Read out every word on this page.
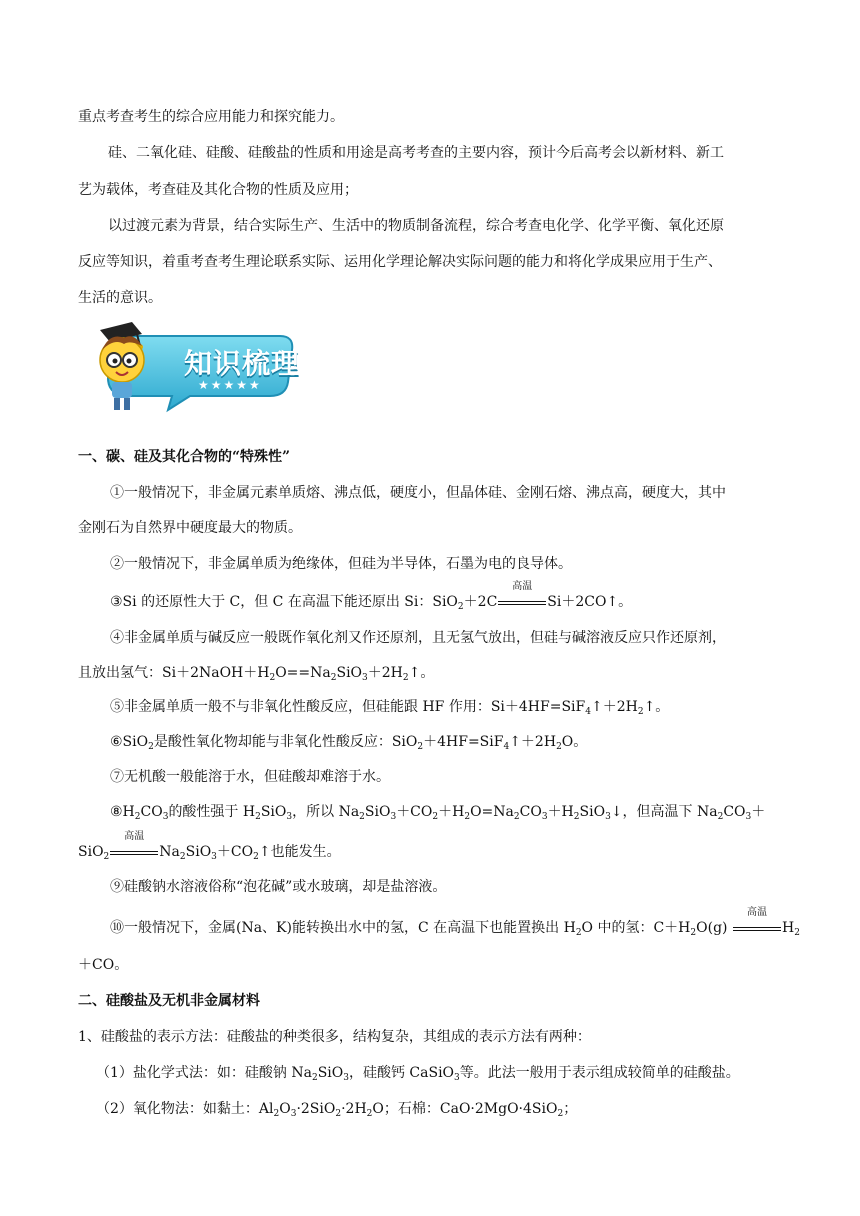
重点考查考生的综合应用能力和探究能力。
硅、二氧化硅、硅酸、硅酸盐的性质和用途是高考考查的主要内容，预计今后高考会以新材料、新工
艺为载体，考查硅及其化合物的性质及应用；
以过渡元素为背景，结合实际生产、生活中的物质制备流程，综合考查电化学、化学平衡、氧化还原
反应等知识，着重考查考生理论联系实际、运用化学理论解决实际问题的能力和将化学成果应用于生产、
生活的意识。
知识梳理
★★★★★
一、碳、硅及其化合物的“特殊性”
①一般情况下，非金属元素单质熔、沸点低，硬度小，但晶体硅、金刚石熔、沸点高，硬度大，其中
金刚石为自然界中硬度最大的物质。
②一般情况下，非金属单质为绝缘体，但硅为半导体，石墨为电的良导体。
③Si 的还原性大于 C，但 C 在高温下能还原出 Si：SiO$_2$＋2C
高温
Si＋2CO↑。
④非金属单质与碱反应一般既作氧化剂又作还原剂，且无氢气放出，但硅与碱溶液反应只作还原剂，
且放出氢气：$Si+2NaOH+H_2O==Na_2SiO_3+2H_2↑$。
⑤非金属单质一般不与非氧化性酸反应，但硅能跟 HF 作用：$Si+4HF=SiF_4↑+2H_2↑$。
⑥SiO$_2$是酸性氧化物却能与非氧化性酸反应：$SiO_2+4HF=SiF_4↑+2H_2O$。
⑦无机酸一般能溶于水，但硅酸却难溶于水。
$⑧H_2CO_3$的酸性强于 $H_2SiO_3$，所以 $Na_2SiO_3+CO_2+H_2O=Na_2CO_3+H_2SiO_3↓$，但高温下 $Na_2CO_3+$
SiO$_2$
高温
$Na_2SiO_3+CO_2↑$也能发生。
⑨硅酸钠水溶液俗称“泡花碱”或水玻璃，却是盐溶液。
⑩一般情况下，金属(Na、K)能转换出水中的氢，C 在高温下也能置换出 $H_2O$ 中的氢：$C+H_2O(g)$
高温
$H_2$
＋CO。
二、硅酸盐及无机非金属材料
1、硅酸盐的表示方法：硅酸盐的种类很多，结构复杂，其组成的表示方法有两种：
（1）盐化学式法：如：硅酸钠 $Na_2SiO_3$，硅酸钙 CaSiO$_3$等。此法一般用于表示组成较简单的硅酸盐。
（2）氧化物法：如黏土：$Al_2O_3\cdot 2SiO_2\cdot 2H_2O$；石棉：CaO·2MgO·4SiO$_2$；
